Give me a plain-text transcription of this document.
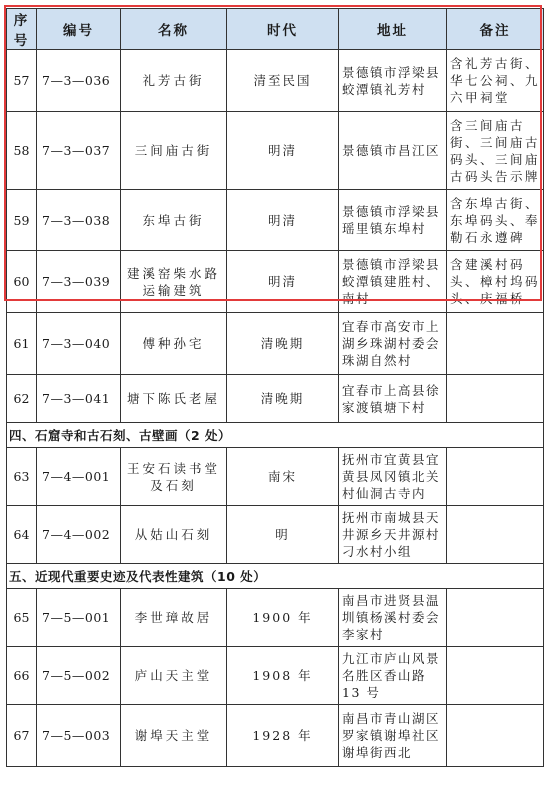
序号	编号	名称	时代	地址	备注
57	7—3—036	礼芳古街	清至民国	景德镇市浮梁县
蛟潭镇礼芳村	含礼芳古街、
华七公祠、九
六甲祠堂

58	7—3—037	三间庙古街	明清	景德镇市昌江区	含三间庙古
街、三间庙古
码头、三间庙
古码头告示牌

59	7—3—038	东埠古街	明清	景德镇市浮梁县
瑶里镇东埠村	含东埠古街、
东埠码头、奉
勒石永遵碑

60	7—3—039	建溪窑柴水路
运输建筑	明清	景德镇市浮梁县
蛟潭镇建胜村、
南村	含建溪村码
头、樟村坞码
头、庆福桥

61	7—3—040	傅种孙宅	清晚期	宜春市高安市上
湖乡珠湖村委会
珠湖自然村	

62	7—3—041	塘下陈氏老屋	清晚期	宜春市上高县徐
家渡镇塘下村	

四、石窟寺和古石刻、古壁画（2 处）					
63	7—4—001	王安石读书堂
及石刻	南宋	抚州市宜黄县宜
黄县凤冈镇北关
村仙洞古寺内	

64	7—4—002	从姑山石刻	明	抚州市南城县天
井源乡天井源村
刁水村小组	

五、近现代重要史迹及代表性建筑（10 处）					
65	7—5—001	李世璋故居	1900 年	南昌市进贤县温
圳镇杨溪村委会
李家村	

66	7—5—002	庐山天主堂	1908 年	九江市庐山风景
名胜区香山路
13 号	

67	7—5—003	谢埠天主堂	1928 年	南昌市青山湖区
罗家镇谢埠社区
谢埠街西北	
